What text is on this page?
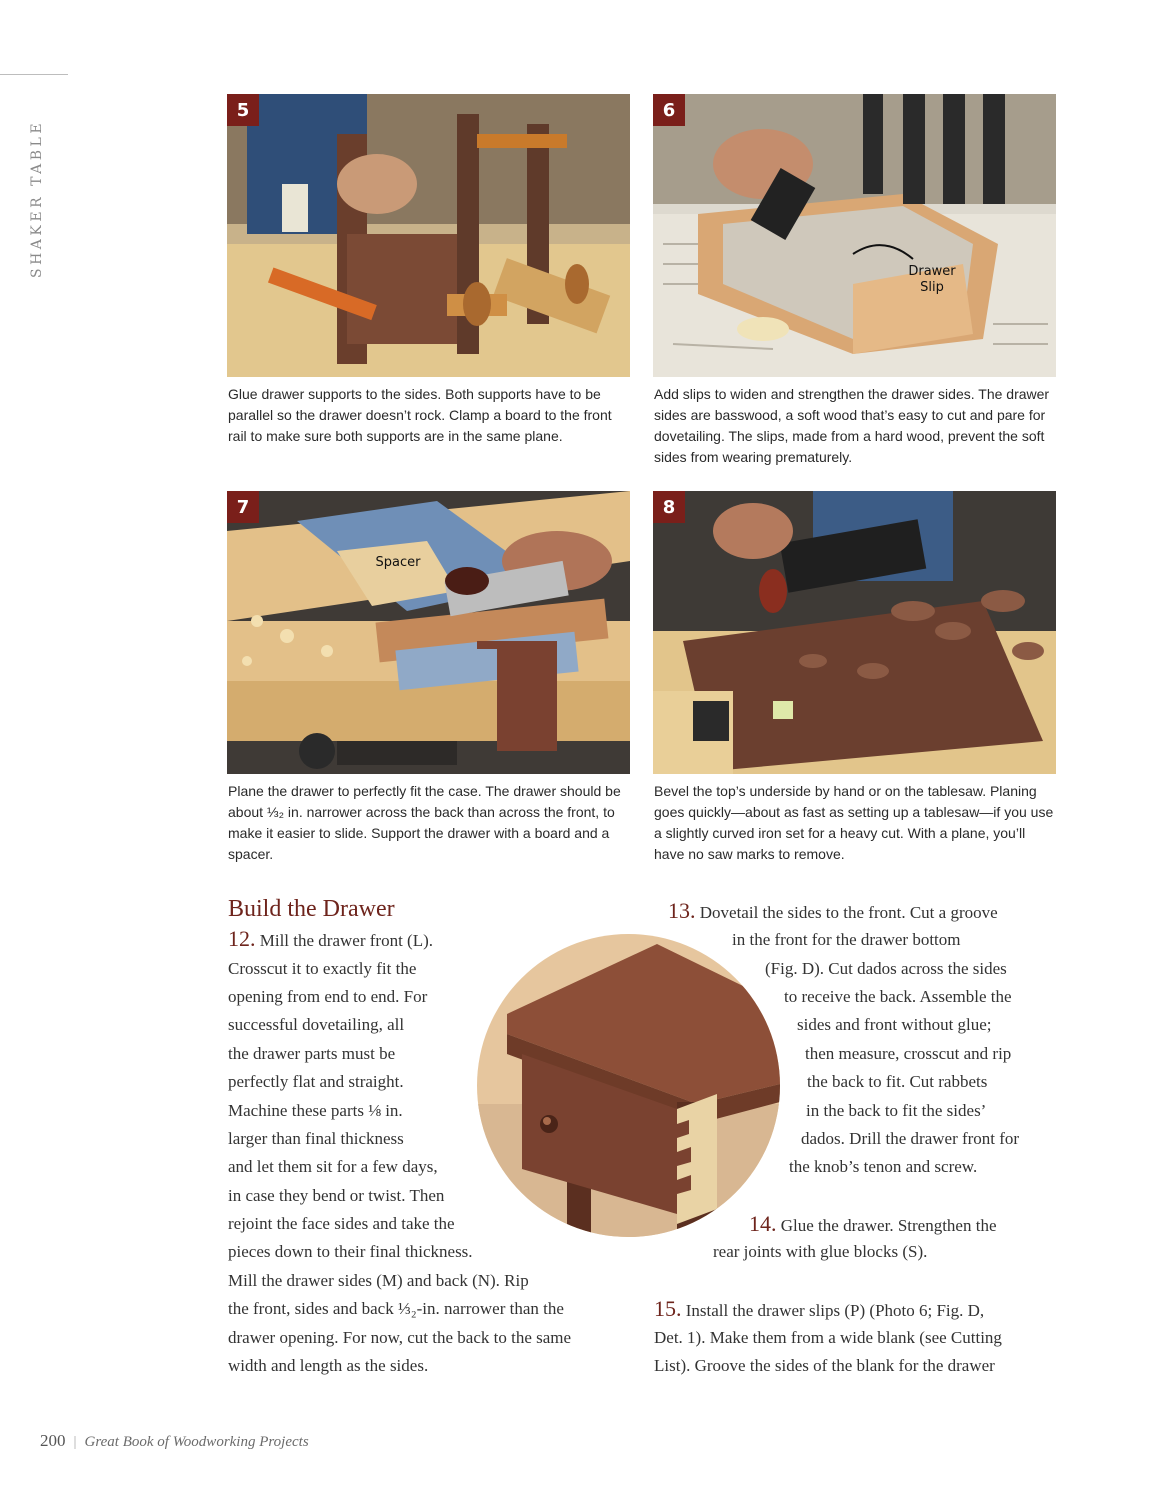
SHAKER TABLE
5
Glue drawer supports to the sides. Both supports have to be parallel so the drawer doesn’t rock. Clamp a board to the front rail to make sure both supports are in the same plane.
6
Drawer
Slip
Add slips to widen and strengthen the drawer sides. The drawer sides are basswood, a soft wood that’s easy to cut and pare for dovetailing. The slips, made from a hard wood, prevent the soft sides from wearing prematurely.
7
Spacer
Plane the drawer to perfectly fit the case. The drawer should be about ⅓₂ in. narrower across the back than across the front, to make it easier to slide. Support the drawer with a board and a spacer.
8
Bevel the top’s underside by hand or on the tablesaw. Planing goes quickly—about as fast as setting up a tablesaw—if you use a slightly curved iron set for a heavy cut. With a plane, you’ll have no saw marks to remove.
Build the Drawer
12. Mill the drawer front (L).
Crosscut it to exactly fit the
opening from end to end. For
successful dovetailing, all
the drawer parts must be
perfectly flat and straight.
Machine these parts ⅛ in.
larger than final thickness
and let them sit for a few days,
in case they bend or twist. Then
rejoint the face sides and take the
pieces down to their final thickness.
Mill the drawer sides (M) and back (N). Rip
the front, sides and back ⅓₂-in. narrower than the
drawer opening. For now, cut the back to the same
width and length as the sides.
13. Dovetail the sides to the front. Cut a groove
in the front for the drawer bottom
(Fig. D). Cut dados across the sides
to receive the back. Assemble the
sides and front without glue;
then measure, crosscut and rip
the back to fit. Cut rabbets
in the back to fit the sides’
dados. Drill the drawer front for
the knob’s tenon and screw.
14. Glue the drawer. Strengthen the
rear joints with glue blocks (S).
15. Install the drawer slips (P) (Photo 6; Fig. D,
Det. 1). Make them from a wide blank (see Cutting
List). Groove the sides of the blank for the drawer
200 | Great Book of Woodworking Projects
